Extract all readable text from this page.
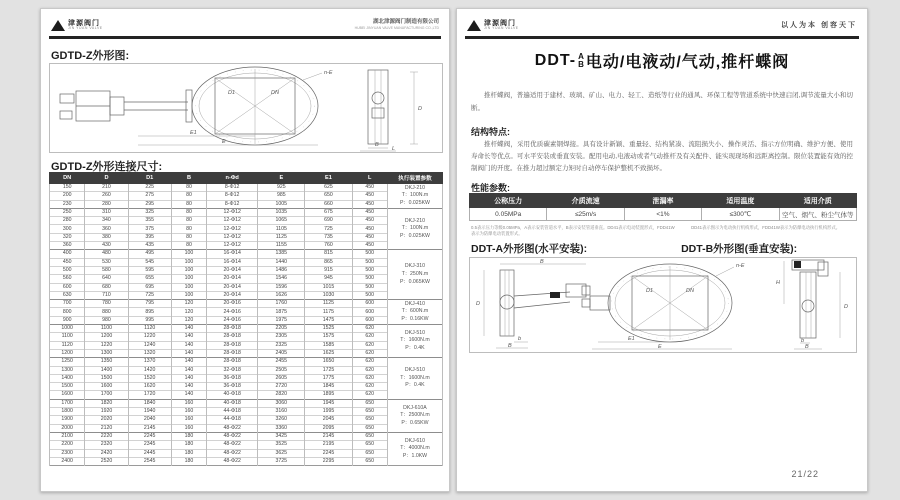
津源阀门
JIN YUAN VALVE
湖北津源阀门制造有限公司
HUBEI JINYUAN VALVE MANUFACTURING CO.,LTD
GDTD-Z外形图:
D1	DN
n-E
E1
E
D
B
L
GDTD-Z外形连接尺寸:
DN	D	D1	B	n-Φd	E	E1	L	执行装置参数
150	210	225	80	8-Φ12	925	625	450	DKJ-210
T：100N.m
P：0.025KW

200	260	275	80	8-Φ12	985	650	450	
230	280	295	80	8-Φ12	1005	660	450	
250	310	325	80	12-Φ12	1035	675	450	DKJ-210
T：100N.m
P：0.025KW

280	340	355	80	12-Φ12	1065	690	450	
300	360	375	80	12-Φ12	1105	725	450	
320	380	395	80	12-Φ12	1125	735	450	
360	430	435	80	12-Φ12	1155	760	450	
400	480	495	100	16-Φ14	1385	815	500	DKJ-310
T：250N.m
P：0.065KW

450	530	545	100	16-Φ14	1440	865	500	
500	580	595	100	20-Φ14	1486	915	500	
560	640	655	100	20-Φ14	1546	945	500	
600	680	695	100	20-Φ14	1596	1015	500	
630	710	725	100	20-Φ14	1626	1030	500	
700	780	795	120	20-Φ16	1760	1125	600	DKJ-410
T：600N.m
P：0.16KW

800	880	895	120	24-Φ16	1875	1175	600	
900	980	995	120	24-Φ16	1975	1475	600	
1000	1100	1120	140	28-Φ18	2205	1525	620	DKJ-510
T：1600N.m
P：0.4K

1100	1200	1220	140	28-Φ18	2305	1575	620	
1120	1220	1240	140	28-Φ18	2325	1585	620	
1200	1300	1320	140	28-Φ18	2405	1625	620	
1250	1350	1370	140	28-Φ18	2455	1650	620	DKJ-510
T：1600N.m
P：0.4K

1300	1400	1420	140	32-Φ18	2505	1725	620	
1400	1500	1520	140	36-Φ18	2605	1775	620	
1500	1600	1620	140	36-Φ18	2720	1845	620	
1600	1700	1720	140	40-Φ18	2820	1895	620	
1700	1820	1840	160	40-Φ18	3060	1945	650	DKJ-610A
T：2500N.m
P：0.65KW

1800	1920	1940	160	44-Φ18	3160	1995	650	
1900	2020	2040	160	44-Φ18	3260	2045	650	
2000	2120	2145	160	48-Φ22	3360	2095	650	
2100	2220	2245	180	48-Φ22	3425	2145	650	DKJ-610
T：4000N.m
P：1.0KW

2200	2320	2345	180	48-Φ22	3525	2195	650	
2300	2420	2445	180	48-Φ22	3625	2245	650	
2400	2520	2545	180	48-Φ22	3725	2295	650	
津源阀门
JIN YUAN VALVE	以人为本 创容天下
DDT- A
B 电动/电液动/气动,推杆蝶阀
推杆蝶阀，普遍适用于建材、玻璃、矿山、电力、轻工、造纸等行业的通风、环保工程等管道系统中快速启闭,调节流量大小和切断。
结构特点:
推杆蝶阀，采用优质碳素钢焊接。具有设计新颖、重量轻、结构紧凑、流阻损失小、操作灵活、指示方位明确、维护方便、使用寿命长等优点。可水平安装或垂直安装。配用电动,电液动或者气动推杆及有关配件、能实现现场和远距离控制。限位装置能有效的控制阀门的开度。在推力超过额定力矩时自动停车保护整机不致损坏。
性能参数:
公称压力	介质流速	泄漏率	适用温度	适用介质
0.05MPa	≤25m/s	<1%	≤300℃	空气、烟气、粉尘气体等
0.5表示压力等级0.05MPa，A表示安装管道水平，B表示安装管道垂直。DD41表示电动装置形式，FDD41W表示为防爆电动装置形式。
DD41表示图示为电动执行机构形式，FDD41W表示为防爆电动执行机构形式。
DDT-A外形图(水平安装):	DDT-B外形图(垂直安装):
B
D
b
B
D1	DN
n-E
E1
E
H
D
b
B
21/22
